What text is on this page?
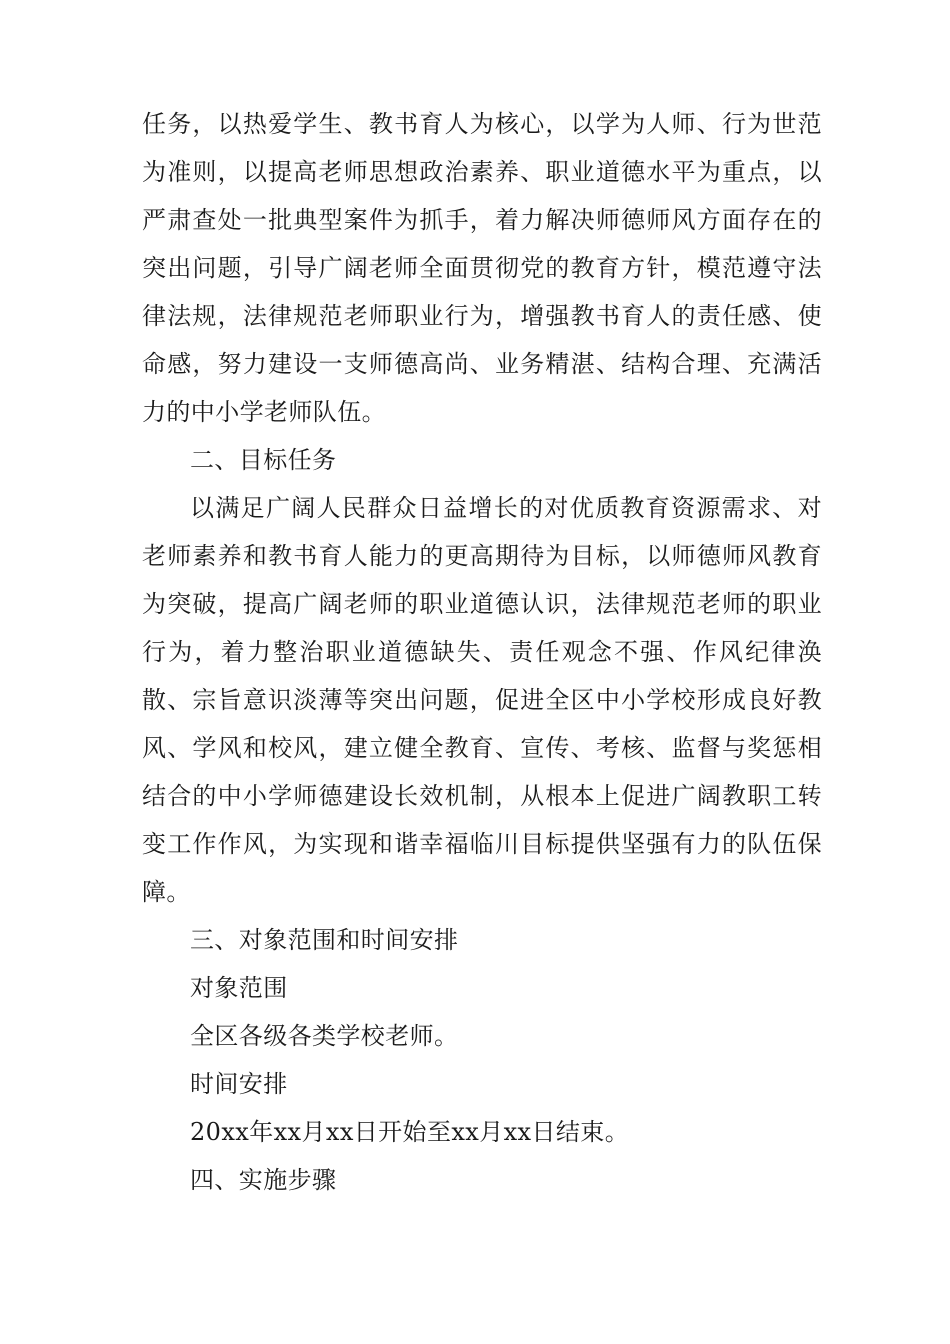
任务，以热爱学生、教书育人为核心，以学为人师、行为世范为准则，以提高老师思想政治素养、职业道德水平为重点，以严肃查处一批典型案件为抓手，着力解决师德师风方面存在的突出问题，引导广阔老师全面贯彻党的教育方针，模范遵守法律法规，法律规范老师职业行为，增强教书育人的责任感、使命感，努力建设一支师德高尚、业务精湛、结构合理、充满活力的中小学老师队伍。

二、目标任务

以满足广阔人民群众日益增长的对优质教育资源需求、对老师素养和教书育人能力的更高期待为目标，以师德师风教育为突破，提高广阔老师的职业道德认识，法律规范老师的职业行为，着力整治职业道德缺失、责任观念不强、作风纪律涣散、宗旨意识淡薄等突出问题，促进全区中小学校形成良好教风、学风和校风，建立健全教育、宣传、考核、监督与奖惩相结合的中小学师德建设长效机制，从根本上促进广阔教职工转变工作作风，为实现和谐幸福临川目标提供坚强有力的队伍保障。

三、对象范围和时间安排

对象范围

全区各级各类学校老师。

时间安排

20xx年xx月xx日开始至xx月xx日结束。

四、实施步骤
